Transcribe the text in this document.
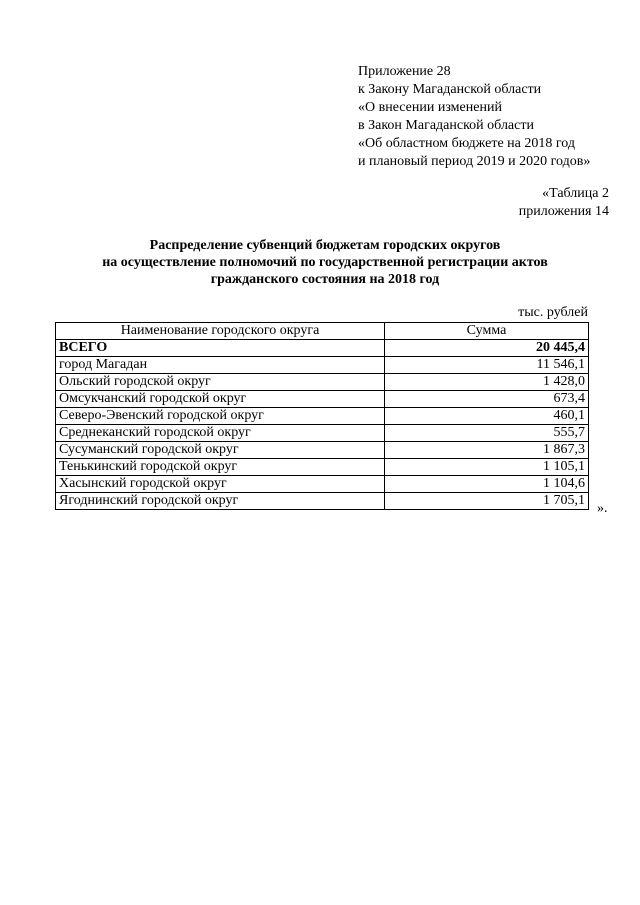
Приложение 28
к Закону Магаданской области
«О внесении изменений
в Закон Магаданской области
«Об областном бюджете на 2018 год
и плановый период 2019 и 2020 годов»
«Таблица 2
приложения 14
Распределение субвенций бюджетам городских округов
на осуществление полномочий по государственной регистрации актов
гражданского состояния на 2018 год
тыс. рублей
Наименование городского округа	Сумма
ВСЕГО	20 445,4
город Магадан	11 546,1
Ольский городской округ	1 428,0
Омсукчанский городской округ	673,4
Северо-Эвенский городской округ	460,1
Среднеканский городской округ	555,7
Сусуманский городской округ	1 867,3
Тенькинский городской округ	1 105,1
Хасынский городской округ	1 104,6
Ягоднинский городской округ	1 705,1
».
